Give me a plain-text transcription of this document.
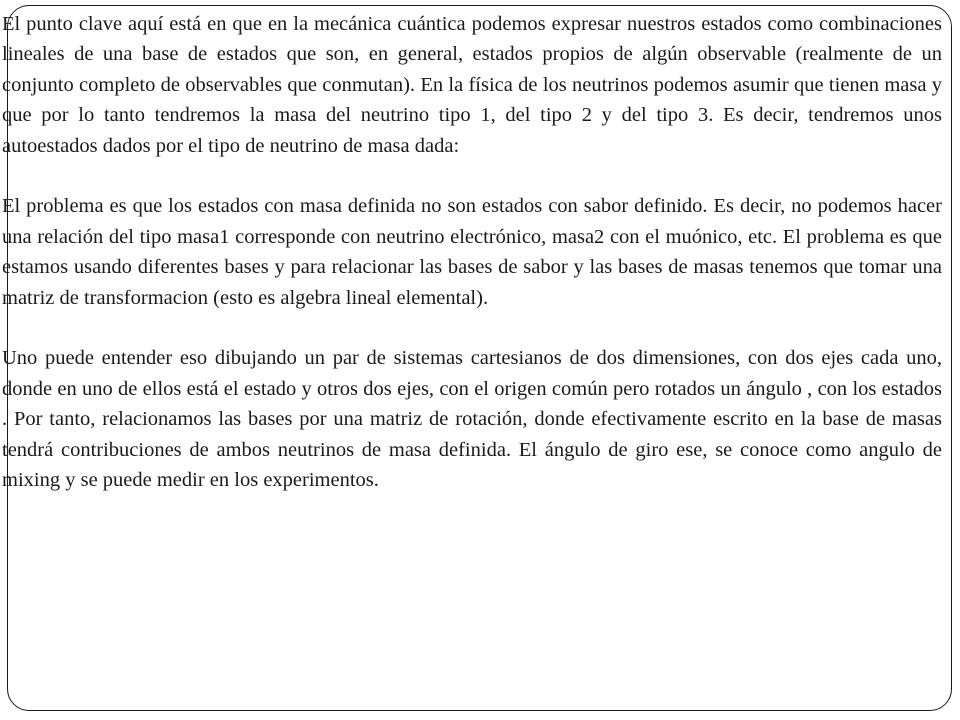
El punto clave aquí está en que en la mecánica cuántica podemos expresar nuestros estados como combinaciones lineales de una base de estados que son, en general, estados propios de algún observable (realmente de un conjunto completo de observables que conmutan). En la física de los neutrinos podemos asumir que tienen masa y que por lo tanto tendremos la masa del neutrino tipo 1, del tipo 2 y del tipo 3. Es decir, tendremos unos autoestados dados por el tipo de neutrino de masa dada:

El problema es que los estados con masa definida no son estados con sabor definido. Es decir, no podemos hacer una relación del tipo masa1 corresponde con neutrino electrónico, masa2 con el muónico, etc. El problema es que estamos usando diferentes bases y para relacionar las bases de sabor y las bases de masas tenemos que tomar una matriz de transformacion (esto es algebra lineal elemental).

Uno puede entender eso dibujando un par de sistemas cartesianos de dos dimensiones, con dos ejes cada uno, donde en uno de ellos está el estado y otros dos ejes, con el origen común pero rotados un ángulo , con los estados . Por tanto, relacionamos las bases por una matriz de rotación, donde efectivamente escrito en la base de masas tendrá contribuciones de ambos neutrinos de masa definida. El ángulo de giro ese, se conoce como angulo de mixing y se puede medir en los experimentos.
